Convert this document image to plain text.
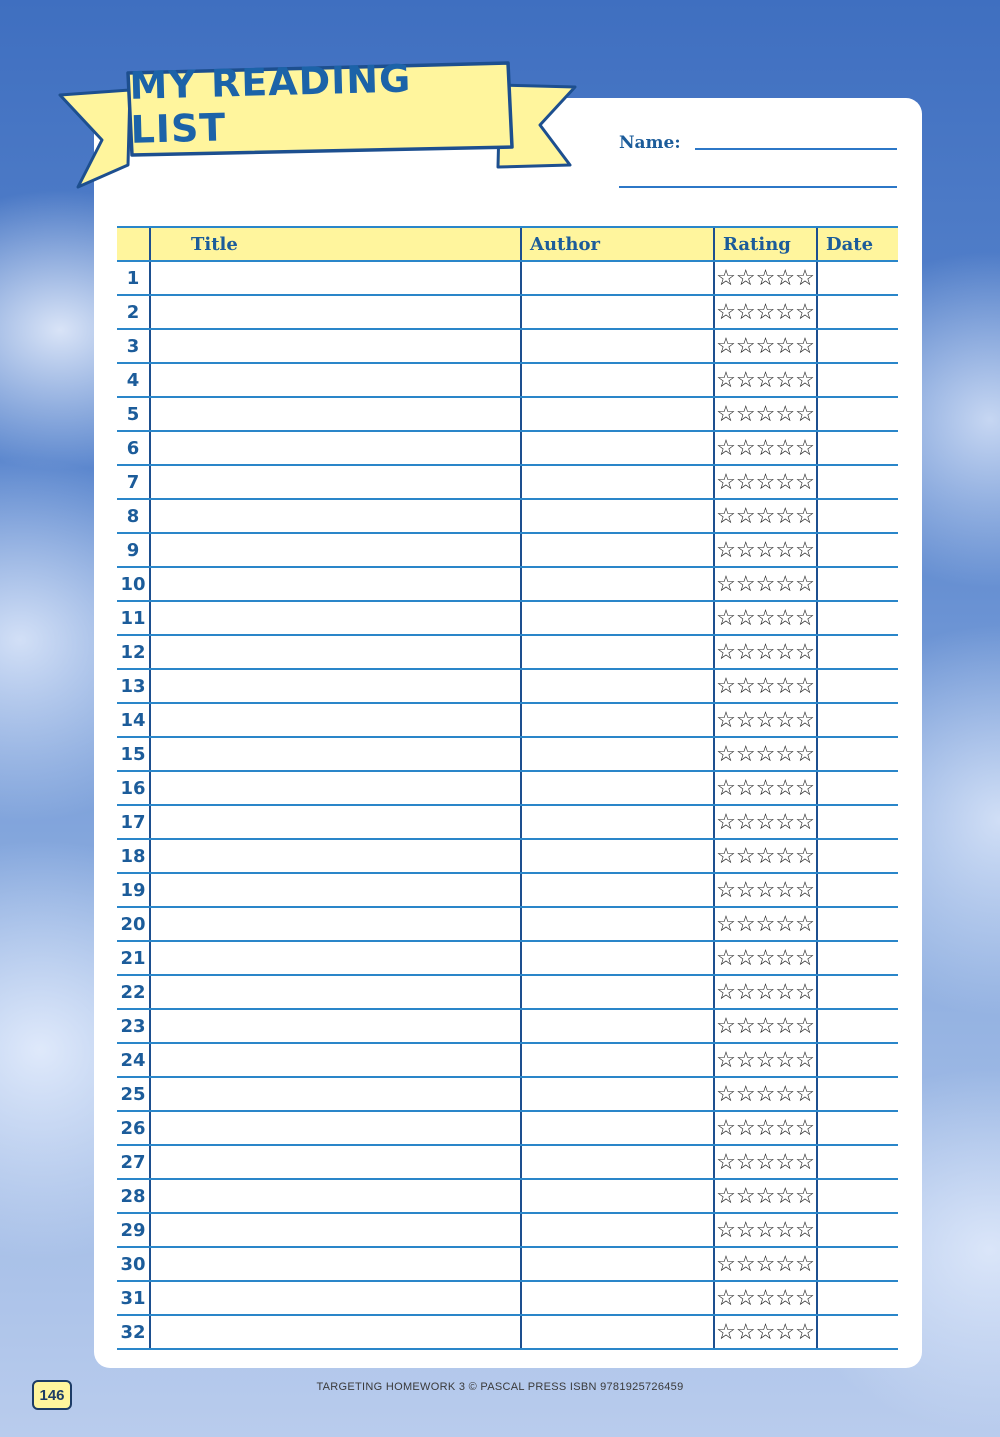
MY READING LIST	Name:
	Title	Author	Rating	Date
1			☆ ☆ ☆ ☆ ☆	

2			☆ ☆ ☆ ☆ ☆	

3			☆ ☆ ☆ ☆ ☆	

4			☆ ☆ ☆ ☆ ☆	

5			☆ ☆ ☆ ☆ ☆	

6			☆ ☆ ☆ ☆ ☆	

7			☆ ☆ ☆ ☆ ☆	

8			☆ ☆ ☆ ☆ ☆	

9			☆ ☆ ☆ ☆ ☆	

10			☆ ☆ ☆ ☆ ☆	

11			☆ ☆ ☆ ☆ ☆	

12			☆ ☆ ☆ ☆ ☆	

13			☆ ☆ ☆ ☆ ☆	

14			☆ ☆ ☆ ☆ ☆	

15			☆ ☆ ☆ ☆ ☆	

16			☆ ☆ ☆ ☆ ☆	

17			☆ ☆ ☆ ☆ ☆	

18			☆ ☆ ☆ ☆ ☆	

19			☆ ☆ ☆ ☆ ☆	

20			☆ ☆ ☆ ☆ ☆	

21			☆ ☆ ☆ ☆ ☆	

22			☆ ☆ ☆ ☆ ☆	

23			☆ ☆ ☆ ☆ ☆	

24			☆ ☆ ☆ ☆ ☆	

25			☆ ☆ ☆ ☆ ☆	

26			☆ ☆ ☆ ☆ ☆	

27			☆ ☆ ☆ ☆ ☆	

28			☆ ☆ ☆ ☆ ☆	

29			☆ ☆ ☆ ☆ ☆	

30			☆ ☆ ☆ ☆ ☆	

31			☆ ☆ ☆ ☆ ☆	

32			☆ ☆ ☆ ☆ ☆	

146	TARGETING HOMEWORK 3 © PASCAL PRESS ISBN 9781925726459
